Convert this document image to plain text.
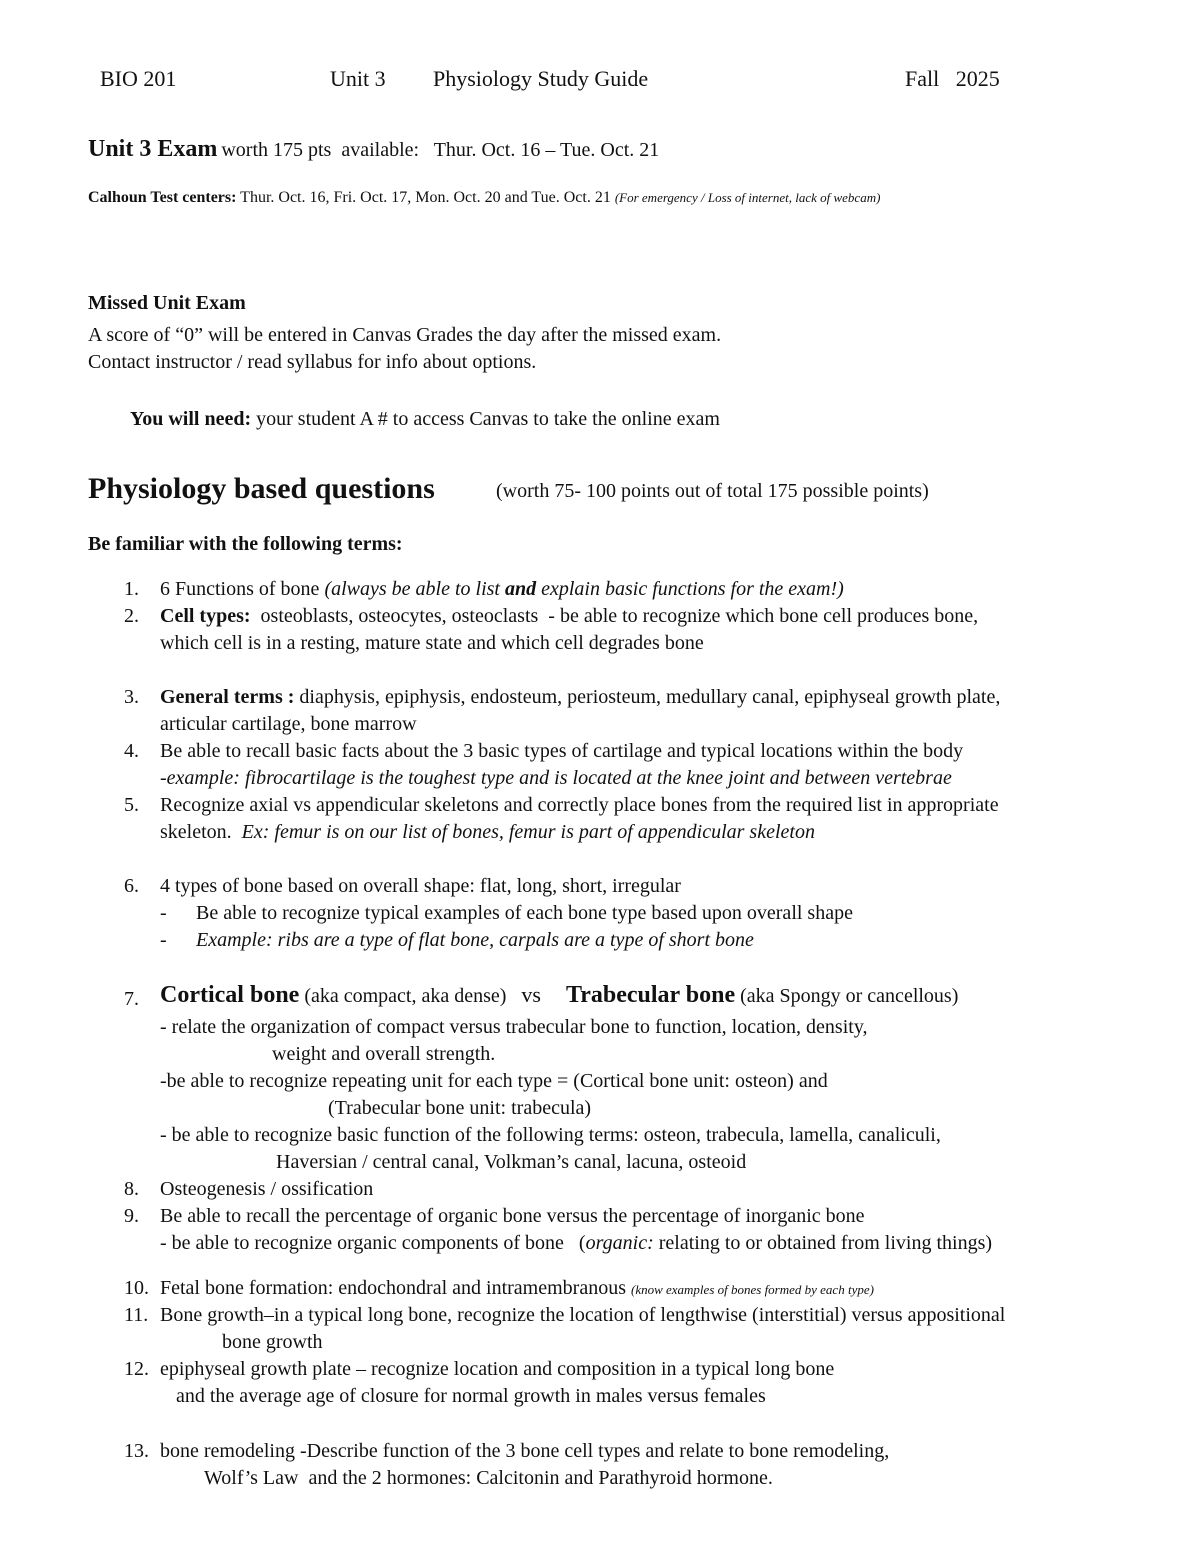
BIO 201	Unit 3 Physiology Study Guide	Fall   2025
Unit 3 Exam worth 175 pts  available:   Thur. Oct. 16 – Tue. Oct. 21
Calhoun Test centers: Thur. Oct. 16, Fri. Oct. 17, Mon. Oct. 20 and Tue. Oct. 21 (For emergency / Loss of internet, lack of webcam)
Missed Unit Exam
A score of “0” will be entered in Canvas Grades the day after the missed exam.
Contact instructor / read syllabus for info about options.
You will need: your student A # to access Canvas to take the online exam
Physiology based questions	(worth 75- 100 points out of total 175 possible points)
Be familiar with the following terms:
1. 6 Functions of bone (always be able to list and explain basic functions for the exam!)
2. Cell types:  osteoblasts, osteocytes, osteoclasts  - be able to recognize which bone cell produces bone,
which cell is in a resting, mature state and which cell degrades bone
3. General terms : diaphysis, epiphysis, endosteum, periosteum, medullary canal, epiphyseal growth plate,
articular cartilage, bone marrow
4. Be able to recall basic facts about the 3 basic types of cartilage and typical locations within the body
-example: fibrocartilage is the toughest type and is located at the knee joint and between vertebrae
5. Recognize axial vs appendicular skeletons and correctly place bones from the required list in appropriate
skeleton.  Ex: femur is on our list of bones, femur is part of appendicular skeleton
6. 4 types of bone based on overall shape: flat, long, short, irregular
- Be able to recognize typical examples of each bone type based upon overall shape
- Example: ribs are a type of flat bone, carpals are a type of short bone
7. Cortical bone (aka compact, aka dense)   vs Trabecular bone (aka Spongy or cancellous)
- relate the organization of compact versus trabecular bone to function, location, density,
weight and overall strength.
-be able to recognize repeating unit for each type = (Cortical bone unit: osteon) and
(Trabecular bone unit: trabecula)
- be able to recognize basic function of the following terms: osteon, trabecula, lamella, canaliculi,
Haversian / central canal, Volkman’s canal, lacuna, osteoid
8. Osteogenesis / ossification
9. Be able to recall the percentage of organic bone versus the percentage of inorganic bone
- be able to recognize organic components of bone   (organic: relating to or obtained from living things)
10. Fetal bone formation: endochondral and intramembranous (know examples of bones formed by each type)
11. Bone growth–in a typical long bone, recognize the location of lengthwise (interstitial) versus appositional
bone growth
12. epiphyseal growth plate – recognize location and composition in a typical long bone
and the average age of closure for normal growth in males versus females
13. bone remodeling -Describe function of the 3 bone cell types and relate to bone remodeling,
Wolf’s Law  and the 2 hormones: Calcitonin and Parathyroid hormone.
